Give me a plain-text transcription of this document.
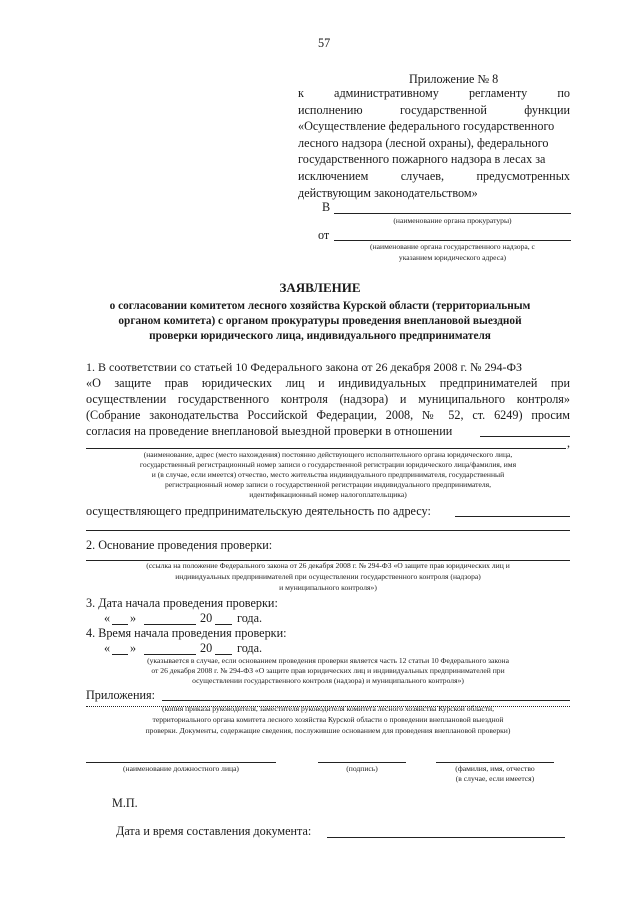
57
Приложение № 8
к административному регламенту по
исполнению	государственной	функции
«Осуществление федерального государственного
лесного надзора (лесной охраны), федерального
государственного пожарного надзора в лесах за
исключением	случаев,	предусмотренных
действующим законодательством»
В
(наименование органа прокуратуры)
от
(наименование органа государственного надзора, с
указанием юридического адреса)
ЗАЯВЛЕНИЕ
о согласовании комитетом лесного хозяйства Курской области (территориальным
органом комитета) с органом прокуратуры проведения внеплановой выездной
проверки юридического лица, индивидуального предпринимателя
1. В соответствии со статьей 10 Федерального закона от 26 декабря 2008 г. № 294-ФЗ
«О защите прав юридических лиц и индивидуальных предпринимателей при
осуществлении государственного контроля (надзора) и муниципального контроля»
(Собрание законодательства Российской Федерации, 2008, № 52, ст. 6249) просим
согласия на проведение внеплановой выездной проверки в отношении
,
(наименование, адрес (место нахождения) постоянно действующего исполнительного органа юридического лица,
государственный регистрационный номер записи о государственной регистрации юридического лица/фамилия, имя
и (в случае, если имеется) отчество, место жительства индивидуального предпринимателя, государственный
регистрационный номер записи о государственной регистрации индивидуального предпринимателя,
идентификационный номер налогоплательщика)
осуществляющего предпринимательскую деятельность по адресу:
2. Основание проведения проверки:
(ссылка на положение Федерального закона от 26 декабря 2008 г. № 294-ФЗ «О защите прав юридических лиц и
индивидуальных предпринимателей при осуществлении государственного контроля (надзора)
и муниципального контроля»)
3. Дата начала проведения проверки:
« »	20 года.
4. Время начала проведения проверки:
« »	20 года.
(указывается в случае, если основанием проведения проверки является часть 12 статьи 10 Федерального закона
от 26 декабря 2008 г. № 294-ФЗ «О защите прав юридических лиц и индивидуальных предпринимателей при
осуществлении государственного контроля (надзора) и муниципального контроля»)
Приложения:
(копия приказа руководителя, заместителя руководителя комитета лесного хозяйства Курской области,
территориального органа комитета лесного хозяйства Курской области о проведении внеплановой выездной
проверки. Документы, содержащие сведения, послужившие основанием для проведения внеплановой проверки)
(наименование должностного лица)	(подпись)	(фамилия, имя, отчество
(в случае, если имеется)
М.П.
Дата и время составления документа:
